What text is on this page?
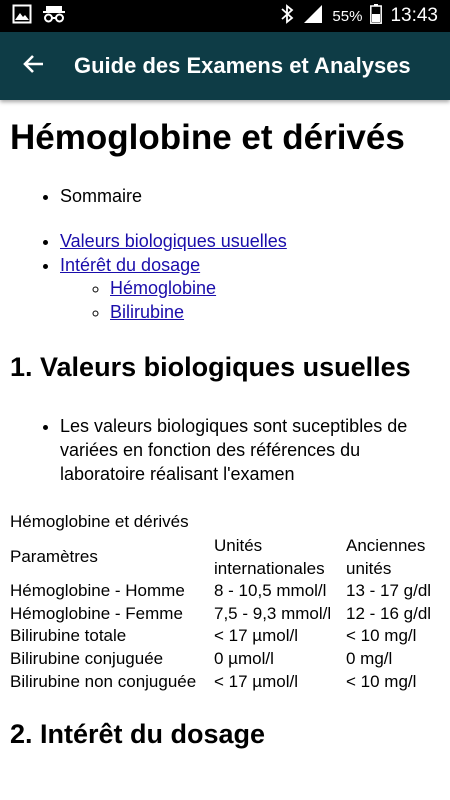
55% 13:43
Guide des Examens et Analyses
Hémoglobine et dérivés
• Sommaire
• Valeurs biologiques usuelles
• Intérêt du dosage
◦ Hémoglobine
◦ Bilirubine
1. Valeurs biologiques usuelles
• Les valeurs biologiques sont suceptibles de variées en fonction des références du laboratoire réalisant l'examen
Hémoglobine et dérivés
Paramètres	Unités internationales	Anciennes unités
Hémoglobine - Homme	8 - 10,5 mmol/l	13 - 17 g/dl
Hémoglobine - Femme	7,5 - 9,3 mmol/l	12 - 16 g/dl
Bilirubine totale	< 17 µmol/l	< 10 mg/l
Bilirubine conjuguée	0 µmol/l	0 mg/l
Bilirubine non conjuguée	< 17 µmol/l	< 10 mg/l
2. Intérêt du dosage
